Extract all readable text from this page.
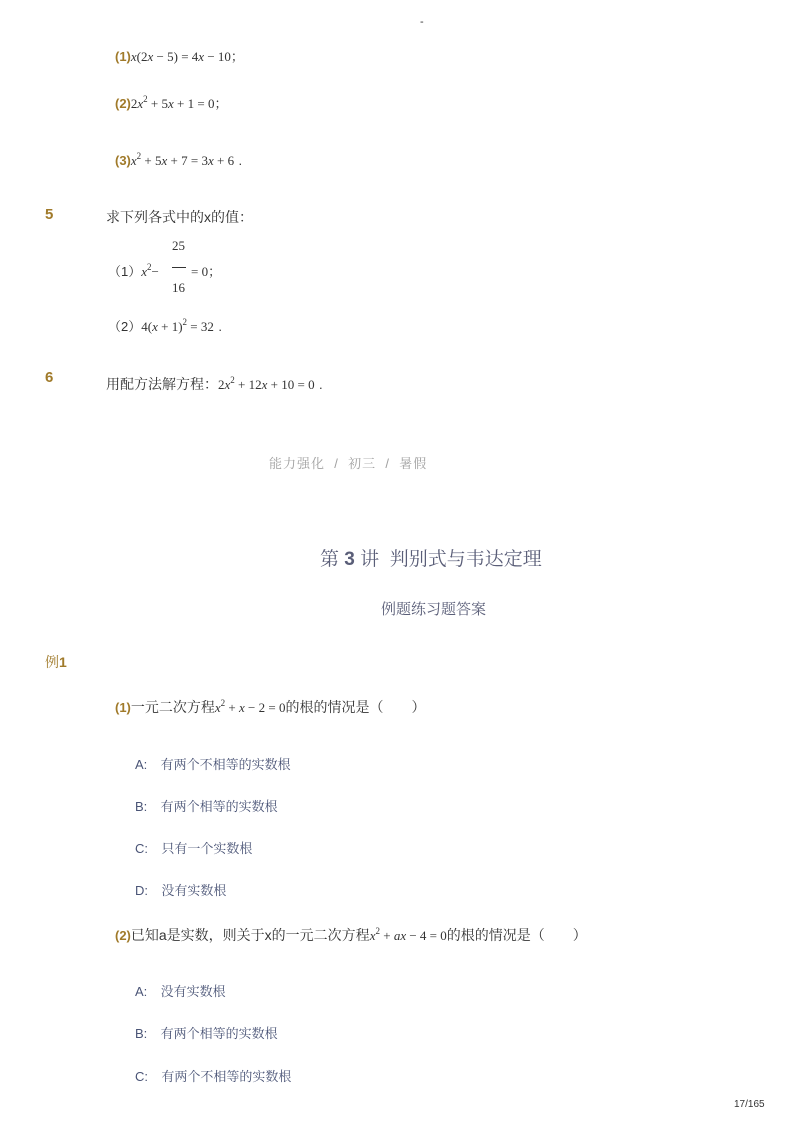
-
(1)x(2x − 5) = 4x − 10；
$(2)2x^2 + 5x + 1 = 0$；
$(3)x^2 + 5x + 7 = 3x + 6$ .
5	求下列各式中的x的值：
$(1)x^2-$
25
16
= 0；
$(2)4(x + 1)^2 = 32$ .
6	用配方法解方程：$2x^2 + 12x + 10 = 0$ .
能力强化 / 初三 / 暑假
第 3 讲 判别式与韦达定理
例题练习题答案
例1
(1)一元二次方程$x^2 + x - 2 = 0$的根的情况是（　　）
A: 有两个不相等的实数根
B: 有两个相等的实数根
C: 只有一个实数根
D: 没有实数根
(2)已知a是实数，则关于x的一元二次方程$x^2$ + ax − 4 = 0的根的情况是（　　）
A: 没有实数根
B: 有两个相等的实数根
C: 有两个不相等的实数根
17/165
